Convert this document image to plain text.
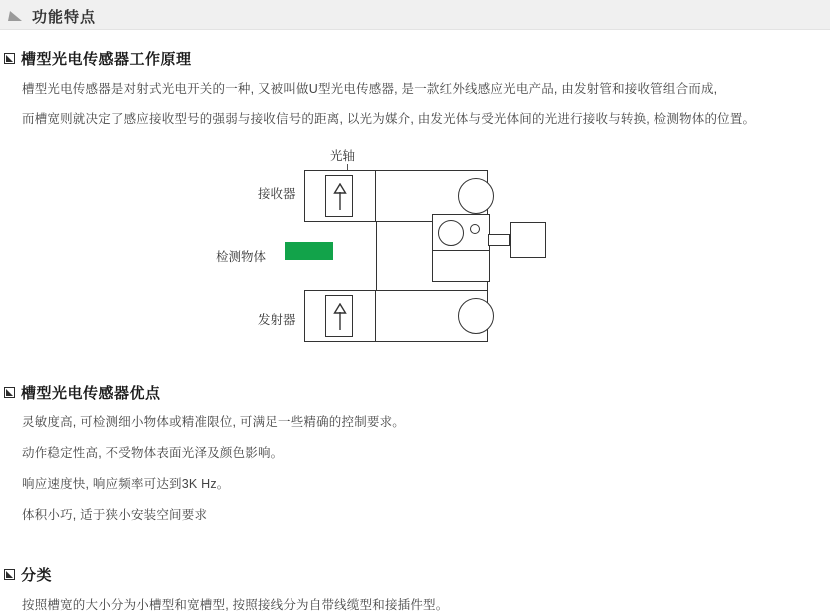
功能特点
槽型光电传感器工作原理
槽型光电传感器是对射式光电开关的一种, 又被叫做U型光电传感器, 是一款红外线感应光电产品, 由发射管和接收管组合而成,
而槽宽则就决定了感应接收型号的强弱与接收信号的距离, 以光为媒介, 由发光体与受光体间的光进行接收与转换, 检测物体的位置。
光轴
接收器
检测物体
发射器
槽型光电传感器优点
灵敏度高, 可检测细小物体或精准限位, 可满足一些精确的控制要求。
动作稳定性高, 不受物体表面光泽及颜色影响。
响应速度快, 响应频率可达到3K Hz。
体积小巧, 适于狭小安装空间要求
分类
按照槽宽的大小分为小槽型和宽槽型, 按照接线分为自带线缆型和接插件型。
